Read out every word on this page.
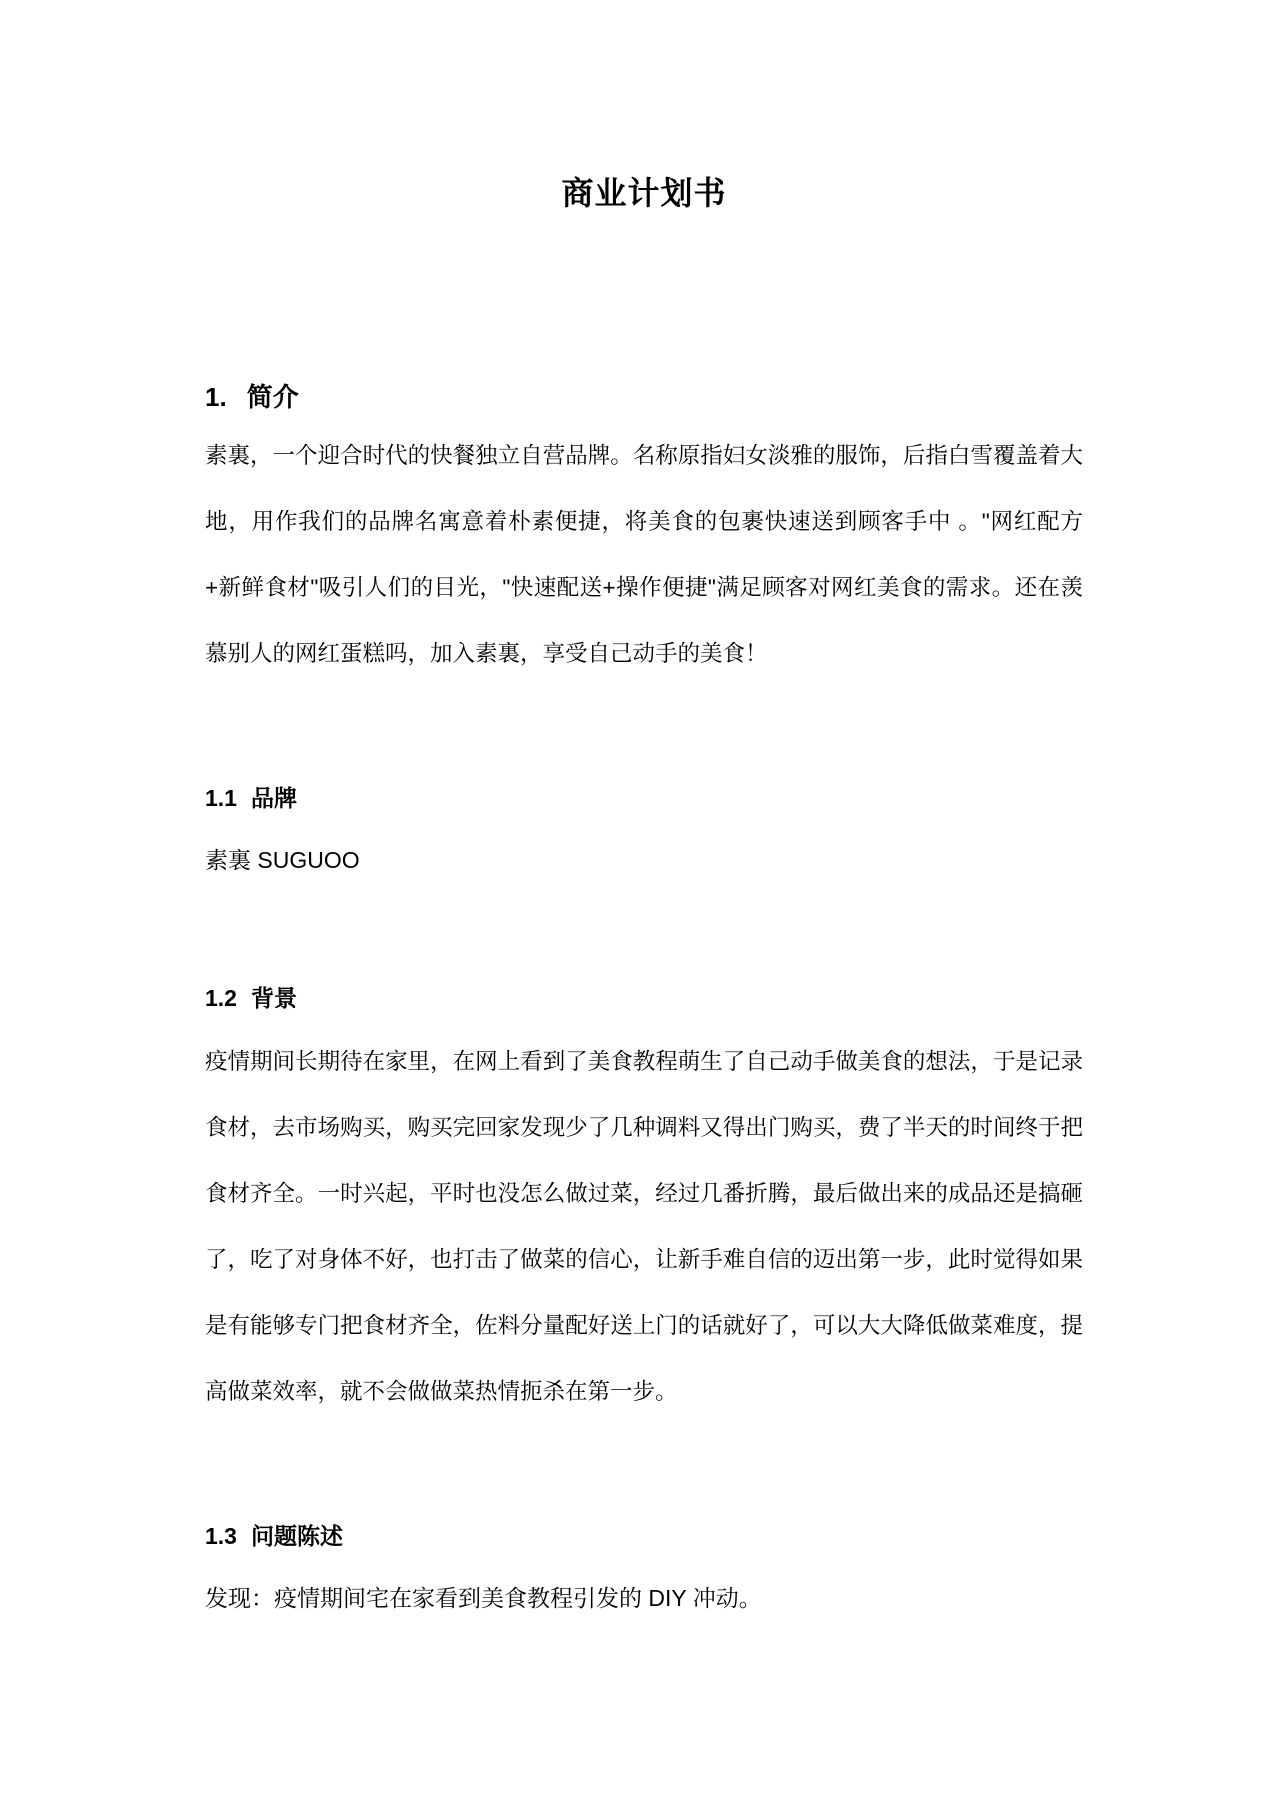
商业计划书
1. 简介

素裏，一个迎合时代的快餐独立自营品牌。名称原指妇女淡雅的服饰，后指白雪覆盖着大地，用作我们的品牌名寓意着朴素便捷，将美食的包裹快速送到顾客手中 。"网红配方+新鲜食材"吸引人们的目光，"快速配送+操作便捷"满足顾客对网红美食的需求。还在羡慕别人的网红蛋糕吗，加入素裏，享受自己动手的美食！

1.1 品牌

素裏 SUGUOO

1.2 背景

疫情期间长期待在家里，在网上看到了美食教程萌生了自己动手做美食的想法，于是记录食材，去市场购买，购买完回家发现少了几种调料又得出门购买，费了半天的时间终于把食材齐全。一时兴起，平时也没怎么做过菜，经过几番折腾，最后做出来的成品还是搞砸了，吃了对身体不好，也打击了做菜的信心，让新手难自信的迈出第一步，此时觉得如果是有能够专门把食材齐全，佐料分量配好送上门的话就好了，可以大大降低做菜难度，提高做菜效率，就不会做做菜热情扼杀在第一步。

1.3 问题陈述

发现：疫情期间宅在家看到美食教程引发的 DIY 冲动。
